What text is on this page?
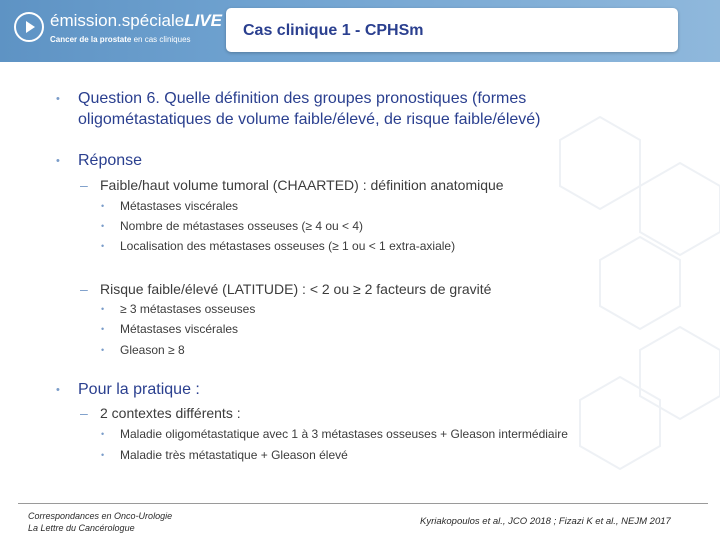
émission.spécialeLIVE
Cancer de la prostate en cas cliniques
Cas clinique 1 - CPHSm
• Question 6. Quelle définition des groupes pronostiques (formes
oligométastatiques de volume faible/élevé, de risque faible/élevé)
• Réponse
– Faible/haut volume tumoral (CHAARTED) : définition anatomique
• Métastases viscérales
• Nombre de métastases osseuses (≥ 4 ou < 4)
• Localisation des métastases osseuses (≥ 1 ou < 1 extra-axiale)
– Risque faible/élevé (LATITUDE) : < 2 ou ≥ 2 facteurs de gravité
• ≥ 3 métastases osseuses
• Métastases viscérales
• Gleason ≥ 8
• Pour la pratique :
– 2 contextes différents :
• Maladie oligométastatique avec 1 à 3 métastases osseuses + Gleason intermédiaire
• Maladie très métastatique + Gleason élevé
Correspondances en Onco-Urologie
La Lettre du Cancérologue
Kyriakopoulos et al., JCO 2018 ; Fizazi K et al., NEJM 2017
